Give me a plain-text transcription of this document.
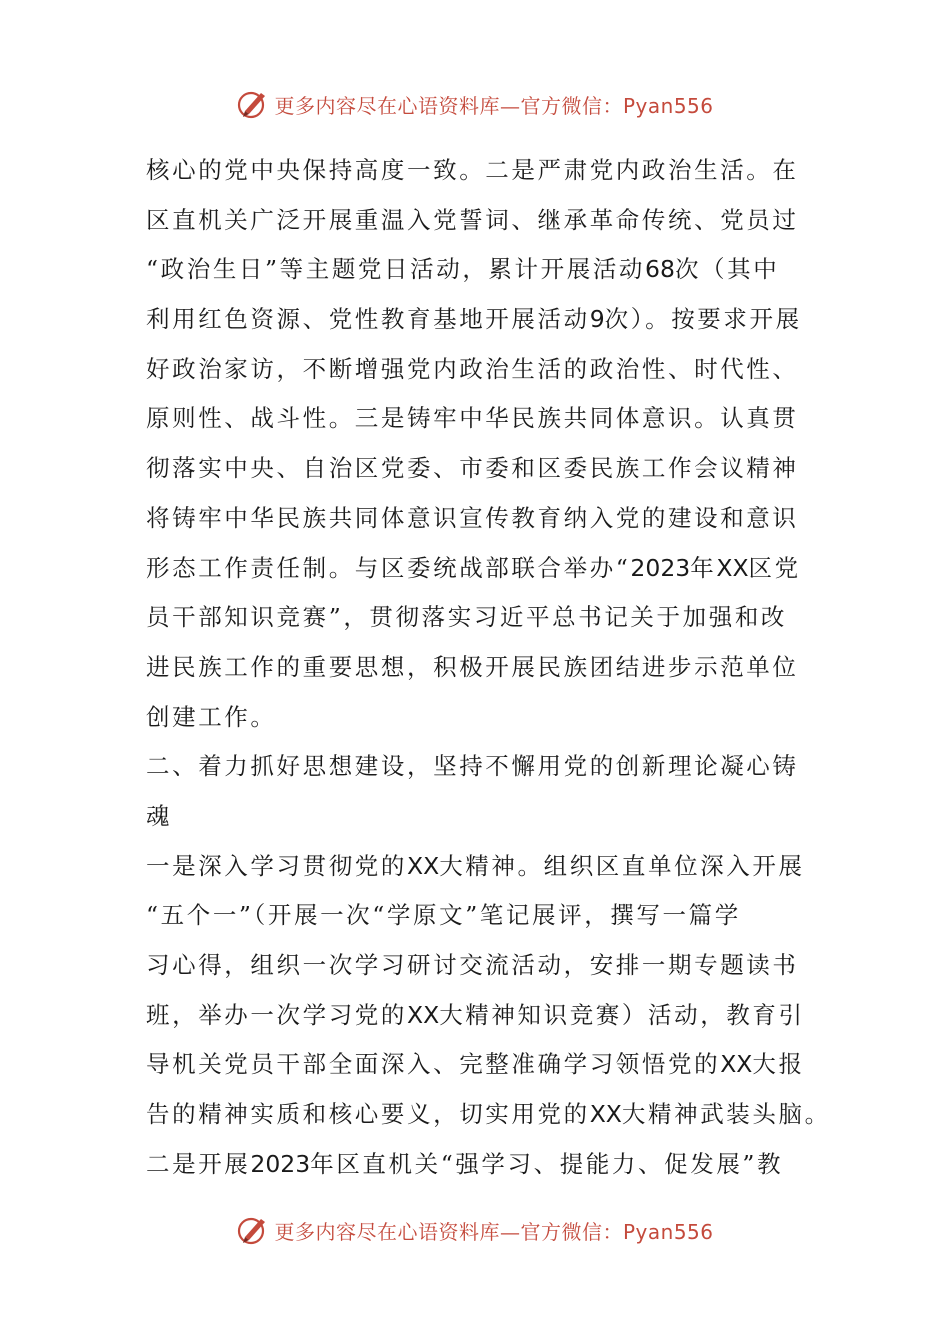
更多内容尽在心语资料库—官方微信：Pyan556
核心的党中央保持高度一致。二是严肃党内政治生活。在
区直机关广泛开展重温入党誓词、继承革命传统、党员过
“政治生日”等主题党日活动，累计开展活动68次（其中
利用红色资源、党性教育基地开展活动9次）。按要求开展
好政治家访，不断增强党内政治生活的政治性、时代性、
原则性、战斗性。三是铸牢中华民族共同体意识。认真贯
彻落实中央、自治区党委、市委和区委民族工作会议精神
将铸牢中华民族共同体意识宣传教育纳入党的建设和意识
形态工作责任制。与区委统战部联合举办“2023年XX区党
员干部知识竞赛”，贯彻落实习近平总书记关于加强和改
进民族工作的重要思想，积极开展民族团结进步示范单位
创建工作。
二、着力抓好思想建设，坚持不懈用党的创新理论凝心铸
魂
一是深入学习贯彻党的XX大精神。组织区直单位深入开展
“五个一”（开展一次“学原文”笔记展评，撰写一篇学
习心得，组织一次学习研讨交流活动，安排一期专题读书
班，举办一次学习党的XX大精神知识竞赛）活动，教育引
导机关党员干部全面深入、完整准确学习领悟党的XX大报
告的精神实质和核心要义，切实用党的XX大精神武装头脑。
二是开展2023年区直机关“强学习、提能力、促发展”教
更多内容尽在心语资料库—官方微信：Pyan556
